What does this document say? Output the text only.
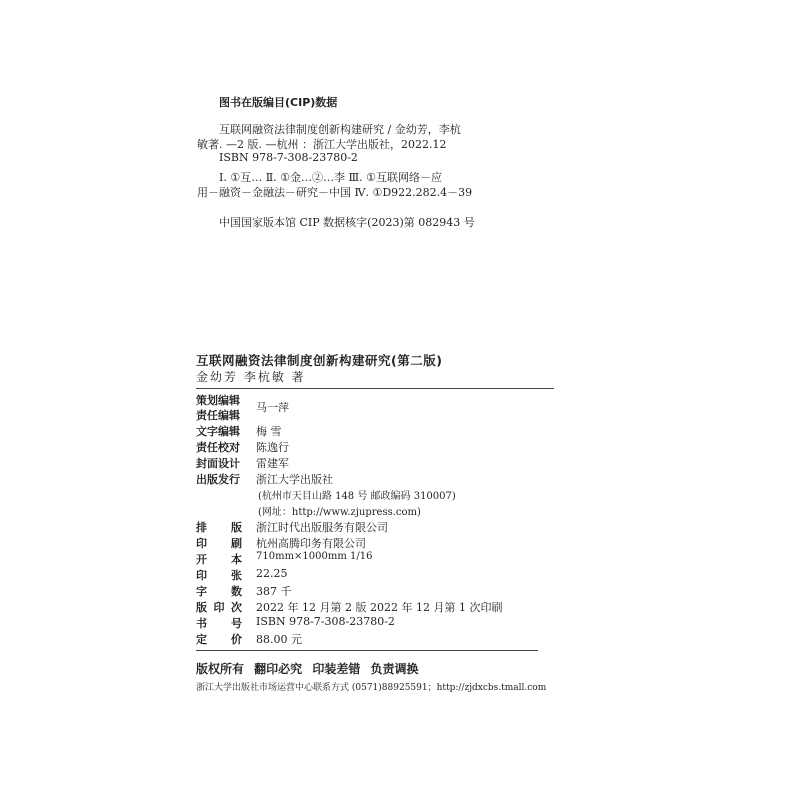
图书在版编目(CIP)数据
互联网融资法律制度创新构建研究 / 金幼芳，李杭
敏著. —2 版. —杭州 ：浙江大学出版社，2022.12
ISBN 978-7-308-23780-2
Ⅰ. ①互… Ⅱ. ①金…②…李 Ⅲ. ①互联网络－应
用－融资－金融法－研究－中国 Ⅳ. ①D922.282.4－39
中国国家版本馆 CIP 数据核字(2023)第 082943 号
互联网融资法律制度创新构建研究(第二版)
金幼芳 李杭敏 著
策划编辑
责任编辑
马一萍
文字编辑 梅 雪
责任校对 陈逸行
封面设计 雷建军
出版发行 浙江大学出版社
(杭州市天目山路 148 号 邮政编码 310007)
(网址：http://www.zjupress.com)
排 版 浙江时代出版服务有限公司
印 刷 杭州高腾印务有限公司
开 本 710mm×1000mm 1/16
印 张 22.25
字 数 387 千
版 印 次 2022 年 12 月第 2 版 2022 年 12 月第 1 次印刷
书 号 ISBN 978-7-308-23780-2
定 价 88.00 元
版权所有 翻印必究 印装差错 负责调换
浙江大学出版社市场运营中心联系方式 (0571)88925591；http://zjdxcbs.tmall.com
